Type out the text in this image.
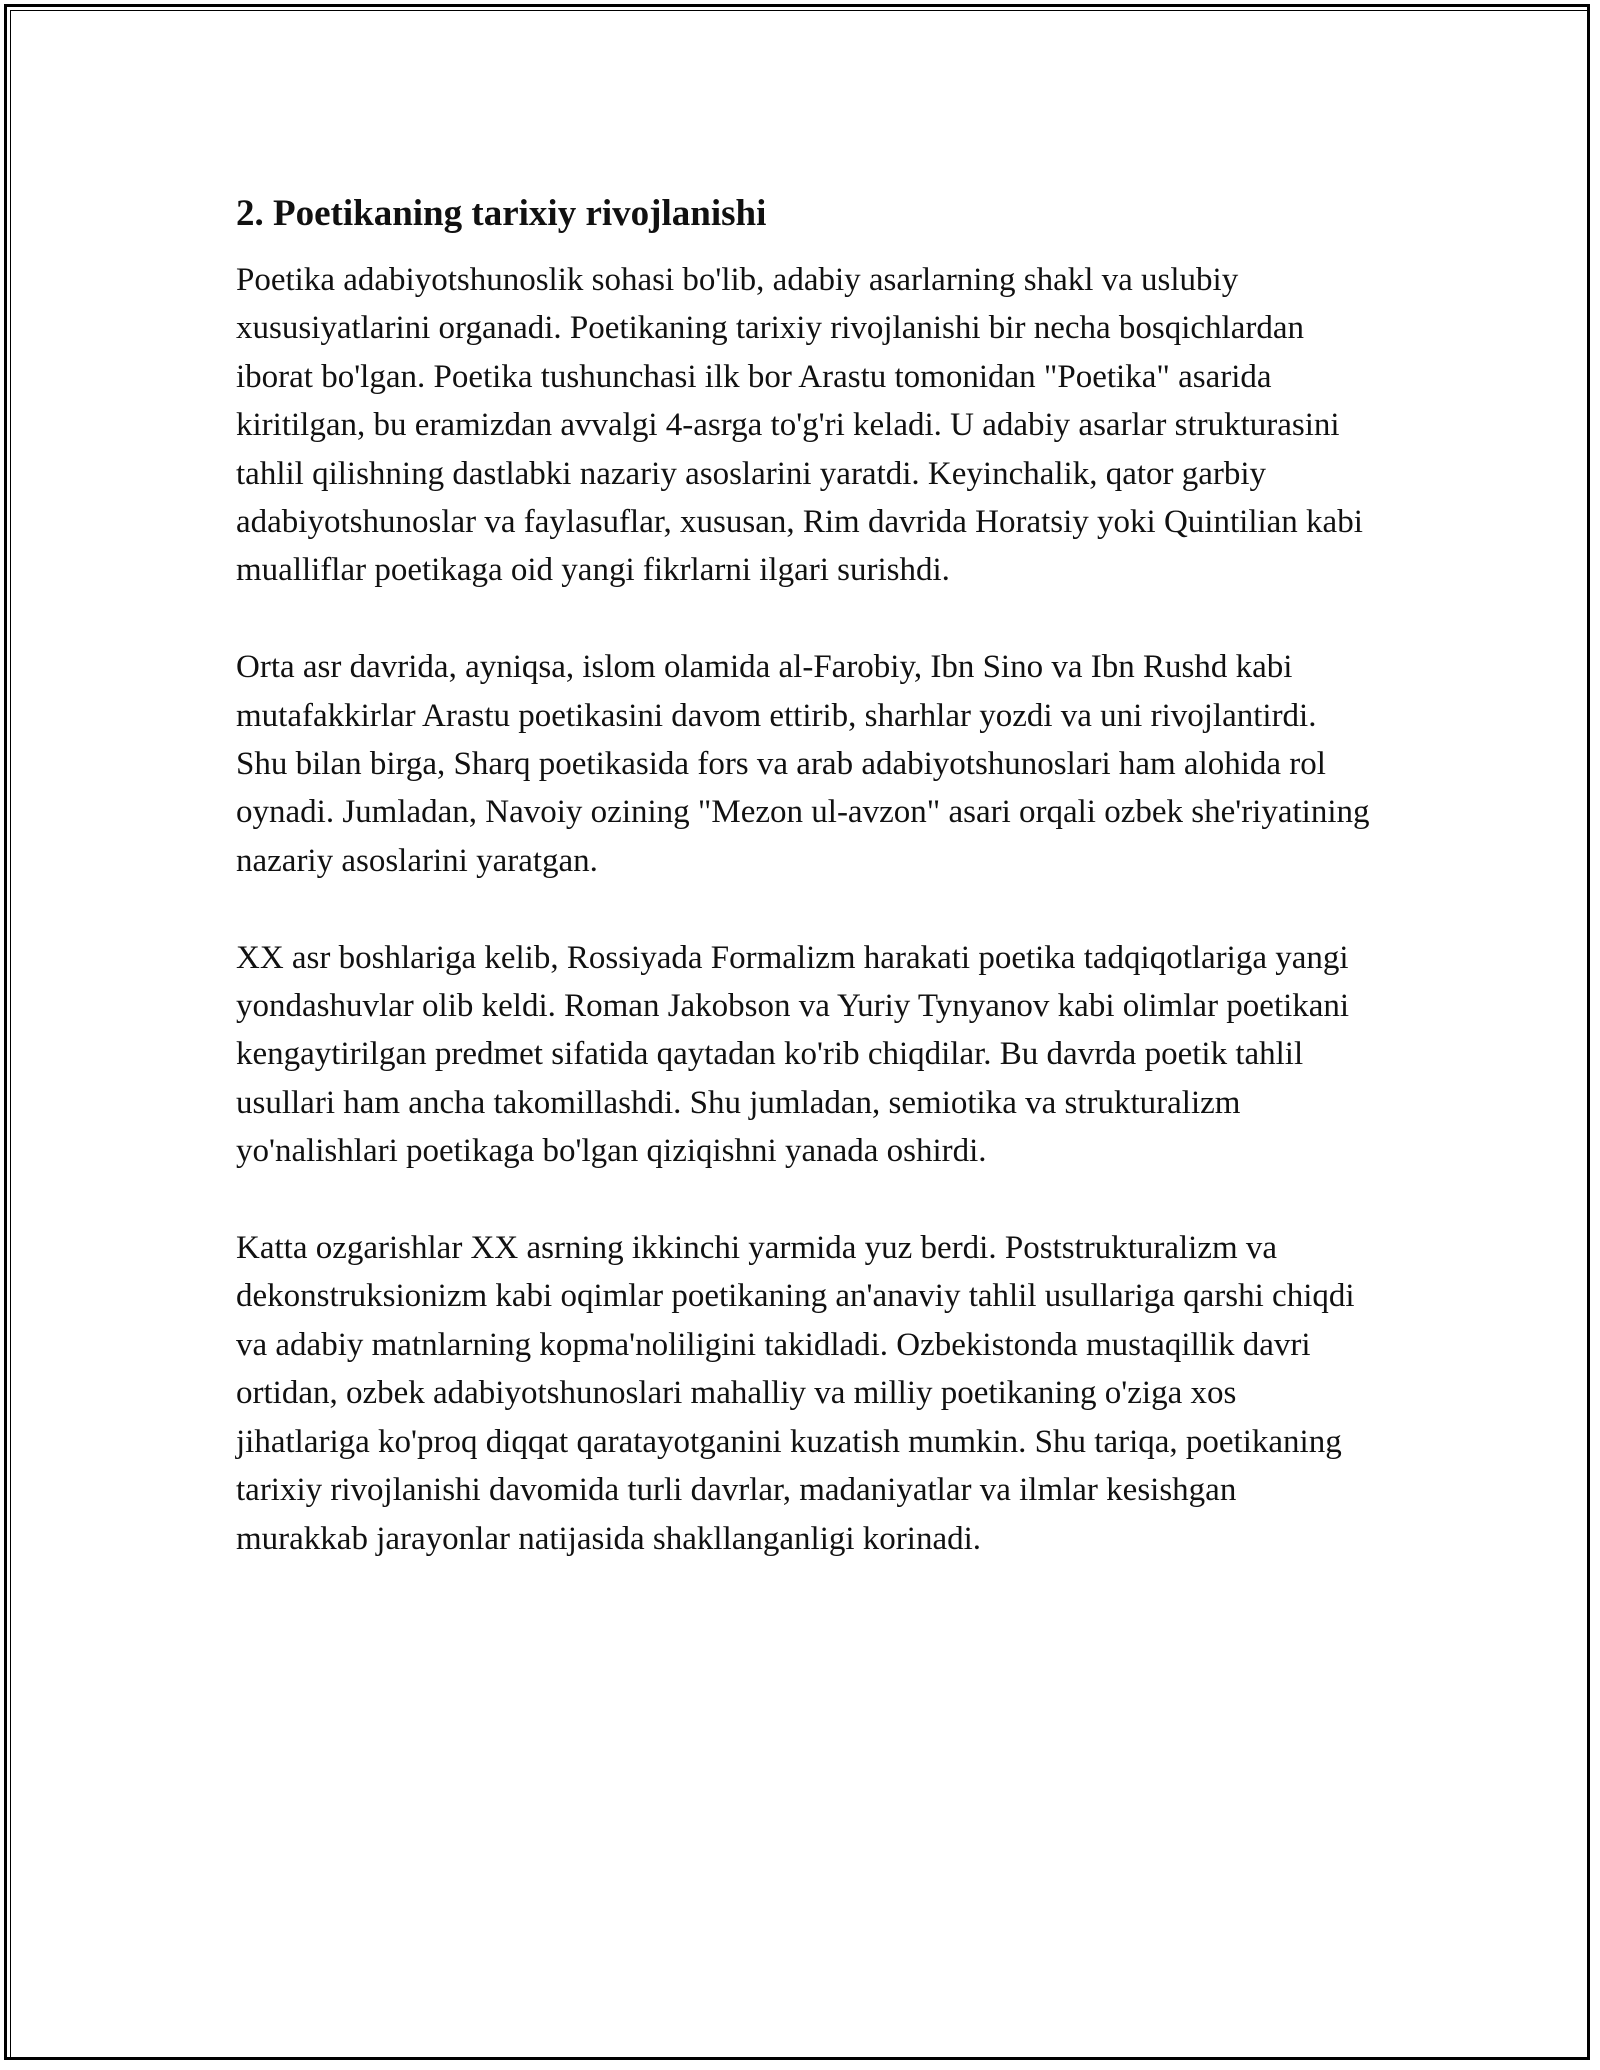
2. Poetikaning tarixiy rivojlanishi

Poetika adabiyotshunoslik sohasi bo'lib, adabiy asarlarning shakl va uslubiy xususiyatlarini organadi. Poetikaning tarixiy rivojlanishi bir necha bosqichlardan iborat bo'lgan. Poetika tushunchasi ilk bor Arastu tomonidan "Poetika" asarida kiritilgan, bu eramizdan avvalgi 4-asrga to'g'ri keladi. U adabiy asarlar strukturasini tahlil qilishning dastlabki nazariy asoslarini yaratdi. Keyinchalik, qator garbiy adabiyotshunoslar va faylasuflar, xususan, Rim davrida Horatsiy yoki Quintilian kabi mualliflar poetikaga oid yangi fikrlarni ilgari surishdi.

Orta asr davrida, ayniqsa, islom olamida al-Farobiy, Ibn Sino va Ibn Rushd kabi mutafakkirlar Arastu poetikasini davom ettirib, sharhlar yozdi va uni rivojlantirdi. Shu bilan birga, Sharq poetikasida fors va arab adabiyotshunoslari ham alohida rol oynadi. Jumladan, Navoiy ozining "Mezon ul-avzon" asari orqali ozbek she'riyatining nazariy asoslarini yaratgan.

XX asr boshlariga kelib, Rossiyada Formalizm harakati poetika tadqiqotlariga yangi yondashuvlar olib keldi. Roman Jakobson va Yuriy Tynyanov kabi olimlar poetikani kengaytirilgan predmet sifatida qaytadan ko'rib chiqdilar. Bu davrda poetik tahlil usullari ham ancha takomillashdi. Shu jumladan, semiotika va strukturalizm yo'nalishlari poetikaga bo'lgan qiziqishni yanada oshirdi.

Katta ozgarishlar XX asrning ikkinchi yarmida yuz berdi. Poststrukturalizm va dekonstruksionizm kabi oqimlar poetikaning an'anaviy tahlil usullariga qarshi chiqdi va adabiy matnlarning kopma'noliligini takidladi. Ozbekistonda mustaqillik davri ortidan, ozbek adabiyotshunoslari mahalliy va milliy poetikaning o'ziga xos jihatlariga ko'proq diqqat qaratayotganini kuzatish mumkin. Shu tariqa, poetikaning tarixiy rivojlanishi davomida turli davrlar, madaniyatlar va ilmlar kesishgan murakkab jarayonlar natijasida shakllanganligi korinadi.
